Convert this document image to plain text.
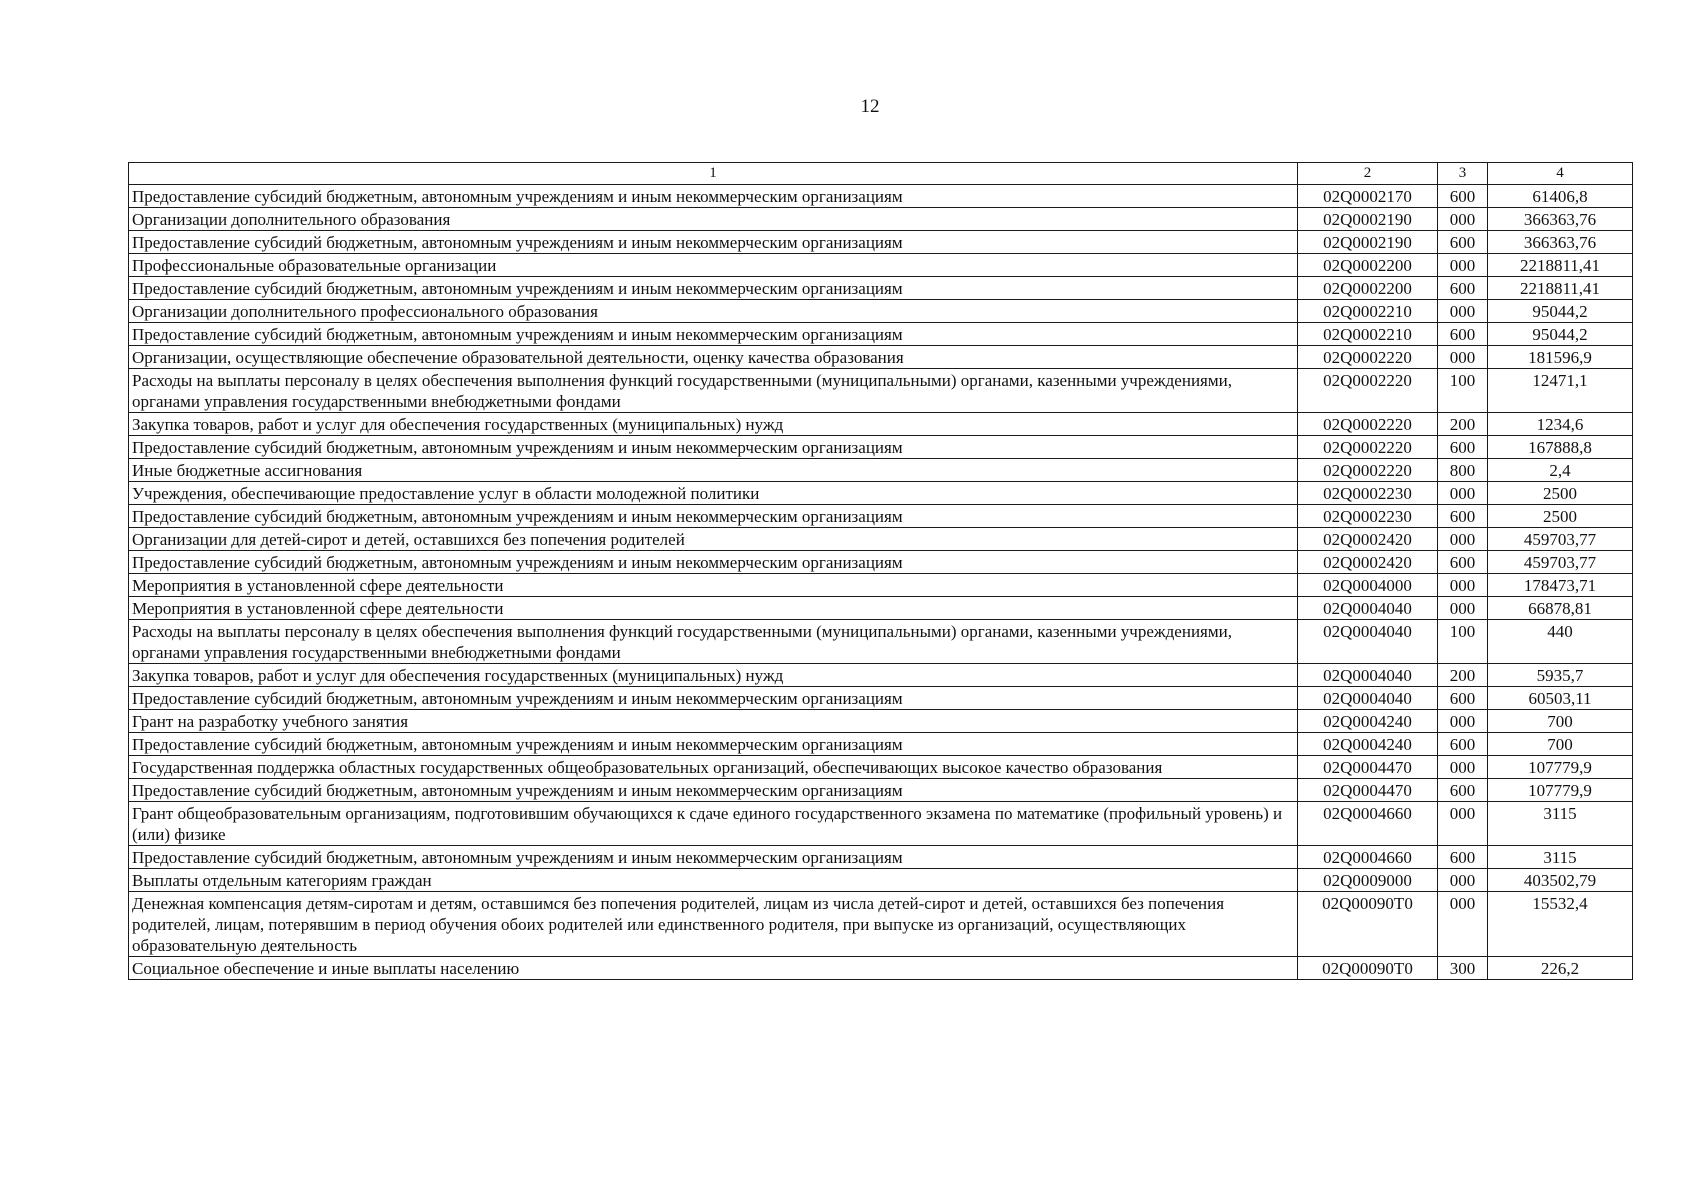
12
1	2	3	4
Предоставление субсидий бюджетным, автономным учреждениям и иным некоммерческим организациям	02Q0002170	600	61406,8
Организации дополнительного образования	02Q0002190	000	366363,76
Предоставление субсидий бюджетным, автономным учреждениям и иным некоммерческим организациям	02Q0002190	600	366363,76
Профессиональные образовательные организации	02Q0002200	000	2218811,41
Предоставление субсидий бюджетным, автономным учреждениям и иным некоммерческим организациям	02Q0002200	600	2218811,41
Организации дополнительного профессионального образования	02Q0002210	000	95044,2
Предоставление субсидий бюджетным, автономным учреждениям и иным некоммерческим организациям	02Q0002210	600	95044,2
Организации, осуществляющие обеспечение образовательной деятельности, оценку качества образования	02Q0002220	000	181596,9
Расходы на выплаты персоналу в целях обеспечения выполнения функций государственными (муниципальными) органами, казенными учреждениями, органами управления государственными внебюджетными фондами	02Q0002220	100	12471,1
Закупка товаров, работ и услуг для обеспечения государственных (муниципальных) нужд	02Q0002220	200	1234,6
Предоставление субсидий бюджетным, автономным учреждениям и иным некоммерческим организациям	02Q0002220	600	167888,8
Иные бюджетные ассигнования	02Q0002220	800	2,4
Учреждения, обеспечивающие предоставление услуг в области молодежной политики	02Q0002230	000	2500
Предоставление субсидий бюджетным, автономным учреждениям и иным некоммерческим организациям	02Q0002230	600	2500
Организации для детей-сирот и детей, оставшихся без попечения родителей	02Q0002420	000	459703,77
Предоставление субсидий бюджетным, автономным учреждениям и иным некоммерческим организациям	02Q0002420	600	459703,77
Мероприятия в установленной сфере деятельности	02Q0004000	000	178473,71
Мероприятия в установленной сфере деятельности	02Q0004040	000	66878,81
Расходы на выплаты персоналу в целях обеспечения выполнения функций государственными (муниципальными) органами, казенными учреждениями, органами управления государственными внебюджетными фондами	02Q0004040	100	440
Закупка товаров, работ и услуг для обеспечения государственных (муниципальных) нужд	02Q0004040	200	5935,7
Предоставление субсидий бюджетным, автономным учреждениям и иным некоммерческим организациям	02Q0004040	600	60503,11
Грант на разработку учебного занятия	02Q0004240	000	700
Предоставление субсидий бюджетным, автономным учреждениям и иным некоммерческим организациям	02Q0004240	600	700
Государственная поддержка областных государственных общеобразовательных организаций, обеспечивающих высокое качество образования	02Q0004470	000	107779,9
Предоставление субсидий бюджетным, автономным учреждениям и иным некоммерческим организациям	02Q0004470	600	107779,9
Грант общеобразовательным организациям, подготовившим обучающихся к сдаче единого государственного экзамена по математике (профильный уровень) и (или) физике	02Q0004660	000	3115
Предоставление субсидий бюджетным, автономным учреждениям и иным некоммерческим организациям	02Q0004660	600	3115
Выплаты отдельным категориям граждан	02Q0009000	000	403502,79
Денежная компенсация детям-сиротам и детям, оставшимся без попечения родителей, лицам из числа детей-сирот и детей, оставшихся без попечения родителей, лицам, потерявшим в период обучения обоих родителей или единственного родителя, при выпуске из организаций, осуществляющих образовательную деятельность	02Q00090Т0	000	15532,4
Социальное обеспечение и иные выплаты населению	02Q00090Т0	300	226,2
